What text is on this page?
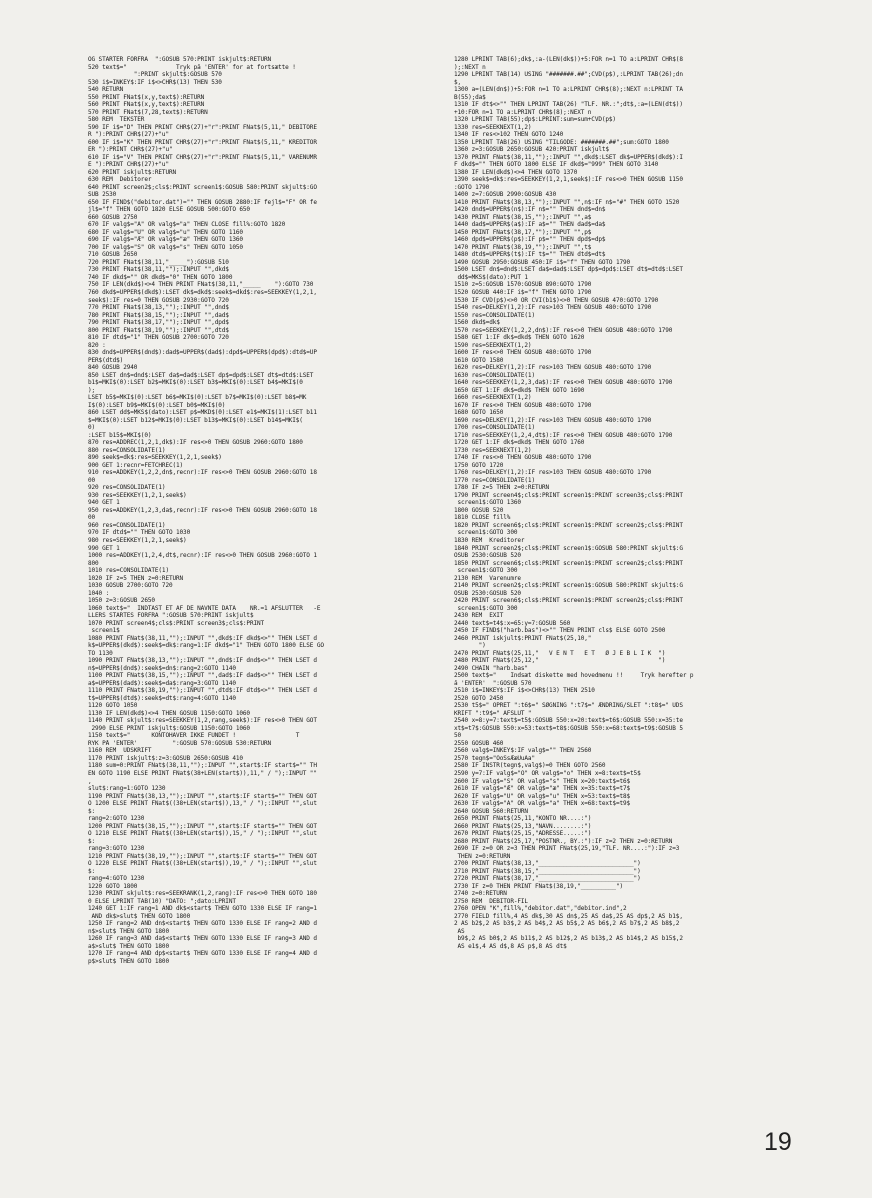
OG STARTER FORFRA  ":GOSUB 570:PRINT iskjult$:RETURN
520 text$="              Tryk på 'ENTER' for at fortsætte !
":PRINT skjult$:GOSUB 570
530 i$=INKEY$:IF i$<>CHR$(13) THEN 530
540 RETURN
550 PRINT FNat$(x,y,text$):RETURN
560 PRINT FNat$(x,y,text$):RETURN
570 PRINT FNat$(7,28,text$):RETURN
580 REM  TEKSTER
590 IF i$="D" THEN PRINT CHR$(27)+"r":PRINT FNat$(5,11," DEBITORE
R "):PRINT CHR$(27)+"u"
600 IF i$="K" THEN PRINT CHR$(27)+"r":PRINT FNat$(5,11," KREDITOR
ER "):PRINT CHR$(27)+"u"
610 IF i$="V" THEN PRINT CHR$(27)+"r":PRINT FNat$(5,11," VARENUMR
E "):PRINT CHR$(27)+"u"
620 PRINT iskjult$:RETURN
630 REM  Debitorer
640 PRINT screen2$;cls$:PRINT screen1$:GOSUB 580:PRINT skjult$:GO
SUB 2530
650 IF FIND$("debitor.dat")="" THEN GOSUB 2880:IF fejl$="F" OR fe
jl$="f" THEN GOTO 1820 ELSE GOSUB 500:GOTO 650
660 GOSUB 2750
670 IF valg$="A" OR valg$="a" THEN CLOSE fill%:GOTO 1820
680 IF valg$="U" OR valg$="u" THEN GOTO 1160
690 IF valg$="Æ" OR valg$="æ" THEN GOTO 1360
700 IF valg$="S" OR valg$="s" THEN GOTO 1050
710 GOSUB 2650
720 PRINT FNat$(38,11,"_____"):GOSUB 510
730 PRINT FNat$(38,11,"");:INPUT "",dkd$
740 IF dkd$="" OR dkd$="0" THEN GOTO 1800
750 IF LEN(dkd$)<>4 THEN PRINT FNat$(38,11,"_____    "):GOTO 730
760 dkd$=UPPER$(dkd$):LSET dk$=dkd$:seek$=dkd$:res=SEEKKEY(1,2,1,
seek$):IF res=0 THEN GOSUB 2930:GOTO 720
770 PRINT FNat$(38,13,"");:INPUT "",dnd$
780 PRINT FNat$(38,15,"");:INPUT "",dad$
790 PRINT FNat$(38,17,"");:INPUT "",dpd$
800 PRINT FNat$(38,19,"");:INPUT "",dtd$
810 IF dtd$="1" THEN GOSUB 2700:GOTO 720
820 :
830 dnd$=UPPER$(dnd$):dad$=UPPER$(dad$):dpd$=UPPER$(dpd$):dtd$=UP
PER$(dtd$)
840 GOSUB 2940
850 LSET dn$=dnd$:LSET da$=dad$:LSET dp$=dpd$:LSET dt$=dtd$:LSET
b1$=MKI$(0):LSET b2$=MKI$(0):LSET b3$=MKI$(0):LSET b4$=MKI$(0
);
LSET b5$=MKI$(0):LSET b6$=MKI$(0):LSET b7$=MKI$(0):LSET b8$=MK
I$(0):LSET b9$=MKI$(0):LSET b0$=MKI$(0)
860 LSET dd$=MKS$(dato):LSET p$=MKD$(0):LSET e1$=MKI$(1):LSET b11
$=MKI$(0):LSET b12$=MKI$(0):LSET b13$=MKI$(0):LSET b14$=MKI$(
0)
:LSET b15$=MKI$(0)
870 res=ADDREC(1,2,1,dk$):IF res<>0 THEN GOSUB 2960:GOTO 1800
880 res=CONSOLIDATE(1)
890 seek$=dk$:res=SEEKKEY(1,2,1,seek$)
900 GET 1:recnr=FETCHREC(1)
910 res=ADDKEY(1,2,2,dn$,recnr):IF res<>0 THEN GOSUB 2960:GOTO 18
00
920 res=CONSOLIDATE(1)
930 res=SEEKKEY(1,2,1,seek$)
940 GET 1
950 res=ADDKEY(1,2,3,da$,recnr):IF res<>0 THEN GOSUB 2960:GOTO 18
00
960 res=CONSOLIDATE(1)
970 IF dtd$="" THEN GOTO 1030
980 res=SEEKKEY(1,2,1,seek$)
990 GET 1
1000 res=ADDKEY(1,2,4,dt$,recnr):IF res<>0 THEN GOSUB 2960:GOTO 1
800
1010 res=CONSOLIDATE(1)
1020 IF z=5 THEN z=0:RETURN
1030 GOSUB 2700:GOTO 720
1040 :
1050 z=3:GOSUB 2650
1060 text$="  INDTAST ET AF DE NAVNTE DATA    NR.=1 AFSLUTTER   -E
LLERS STARTES FORFRA ":GOSUB 570:PRINT iskjult$
1070 PRINT screen4$;cls$:PRINT screen3$;cls$:PRINT
screen1$
1080 PRINT FNat$(38,11,"");:INPUT "",dkd$:IF dkd$<>"" THEN LSET d
k$=UPPER$(dkd$):seek$=dk$:rang=1:IF dkd$="1" THEN GOTO 1800 ELSE GO
TO 1130
1090 PRINT FNat$(38,13,"");:INPUT "",dnd$:IF dnd$<>"" THEN LSET d
n$=UPPER$(dnd$):seek$=dn$:rang=2:GOTO 1140
1100 PRINT FNat$(38,15,"");:INPUT "",dad$:IF dad$<>"" THEN LSET d
a$=UPPER$(dad$):seek$=da$:rang=3:GOTO 1140
1110 PRINT FNat$(38,19,"");:INPUT "",dtd$:IF dtd$<>"" THEN LSET d
t$=UPPER$(dtd$):seek$=dt$:rang=4:GOTO 1140
1120 GOTO 1050
1130 IF LEN(dkd$)<>4 THEN GOSUB 1150:GOTO 1060
1140 PRINT skjult$:res=SEEKKEY(1,2,rang,seek$):IF res<>0 THEN GOT
2990 ELSE PRINT iskjult$:GOSUB 1150:GOTO 1060
1150 text$="      KONTOHAVER IKKE FUNDET !                 T
RYK PÅ 'ENTER'          ":GOSUB 570:GOSUB 530:RETURN
1160 REM  UDSKRIFT
1170 PRINT iskjult$:z=3:GOSUB 2650:GOSUB 410
1180 sum=0:PRINT FNat$(38,11,"");:INPUT "",start$:IF start$="" TH
EN GOTO 1190 ELSE PRINT FNat$(38+LEN(start$)),11," / ");:INPUT ""
,
slut$:rang=1:GOTO 1230
1190 PRINT FNat$(38,13,"");:INPUT "",start$:IF start$="" THEN GOT
O 1200 ELSE PRINT FNat$((38+LEN(start$)),13," / ");:INPUT "",slut
$:
rang=2:GOTO 1230
1200 PRINT FNat$(38,15,"");:INPUT "",start$:IF start$="" THEN GOT
O 1210 ELSE PRINT FNat$((38+LEN(start$)),15," / ");:INPUT "",slut
$:
rang=3:GOTO 1230
1210 PRINT FNat$(38,19,"");:INPUT "",start$:IF start$="" THEN GOT
O 1220 ELSE PRINT FNat$((38+LEN(start$)),19," / ");:INPUT "",slut
$:
rang=4:GOTO 1230
1220 GOTO 1800
1230 PRINT skjult$:res=SEEKRANK(1,2,rang):IF res<>0 THEN GOTO 180
0 ELSE LPRINT TAB(10) "DATO: ";dato:LPRINT
1240 GET 1:IF rang=1 AND dk$<start$ THEN GOTO 1330 ELSE IF rang=1
AND dk$>slut$ THEN GOTO 1800
1250 IF rang=2 AND dn$<start$ THEN GOTO 1330 ELSE IF rang=2 AND d
n$>slut$ THEN GOTO 1800
1260 IF rang=3 AND da$<start$ THEN GOTO 1330 ELSE IF rang=3 AND d
a$>slut$ THEN GOTO 1800
1270 IF rang=4 AND dp$<start$ THEN GOTO 1330 ELSE IF rang=4 AND d
p$>slut$ THEN GOTO 1800
1280 LPRINT TAB(6);dk$,:a-(LEN(dk$))+5:FOR n=1 TO a:LPRINT CHR$(8
);:NEXT n
1290 LPRINT TAB(14) USING "#######.##";CVD(p$),:LPRINT TAB(26);dn
$,
1300 a=(LEN(dn$))+5:FOR n=1 TO a:LPRINT CHR$(8);:NEXT n:LPRINT TA
B(55);da$
1310 IF dt$<>"" THEN LPRINT TAB(26) "TLF. NR.:";dt$,:a=(LEN(dt$))
+10:FOR n=1 TO a:LPRINT CHR$(8);:NEXT n
1320 LPRINT TAB(55);dp$:LPRINT:sum=sum+CVD(p$)
1330 res=SEEKNEXT(1,2)
1340 IF res<>102 THEN GOTO 1240
1350 LPRINT TAB(26) USING "TILGODE: #######.##";sum:GOTO 1800
1360 z=3:GOSUB 2650:GOSUB 420:PRINT iskjult$
1370 PRINT FNat$(38,11,"");:INPUT "",dkd$:LSET dk$=UPPER$(dkd$):I
F dkd$="" THEN GOTO 1800 ELSE IF dkd$="999" THEN GOTO 3140
1380 IF LEN(dkd$)<>4 THEN GOTO 1370
1390 seek$=dk$:res=SEEKKEY(1,2,1,seek$):IF res<>0 THEN GOSUB 1150
:GOTO 1790
1400 z=7:GOSUB 2990:GOSUB 430
1410 PRINT FNat$(38,13,"");:INPUT "",n$:IF n$="#" THEN GOTO 1520
1420 dnd$=UPPER$(n$):IF n$="" THEN dnd$=dn$
1430 PRINT FNat$(38,15,"");:INPUT "",a$
1440 dad$=UPPER$(a$):IF a$="" THEN dad$=da$
1450 PRINT FNat$(38,17,"");:INPUT "",p$
1460 dpd$=UPPER$(p$):IF p$="" THEN dpd$=dp$
1470 PRINT FNat$(38,19,"");:INPUT "",t$
1480 dtd$=UPPER$(t$):IF t$="" THEN dtd$=dt$
1490 GOSUB 2950:GOSUB 450:IF i$="f" THEN GOTO 1790
1500 LSET dn$=dnd$:LSET da$=dad$:LSET dp$=dpd$:LSET dt$=dtd$:LSET
dd$=MKS$(dato):PUT 1
1510 z=5:GOSUB 1570:GOSUB 890:GOTO 1790
1520 GOSUB 440:IF i$="f" THEN GOTO 1790
1530 IF CVD(p$)<>0 OR CVI(b1$)<>0 THEN GOSUB 470:GOTO 1790
1540 res=DELKEY(1,2):IF res>103 THEN GOSUB 480:GOTO 1790
1550 res=CONSOLIDATE(1)
1560 dkd$=dk$
1570 res=SEEKKEY(1,2,2,dn$):IF res<>0 THEN GOSUB 480:GOTO 1790
1580 GET 1:IF dk$=dkd$ THEN GOTO 1620
1590 res=SEEKNEXT(1,2)
1600 IF res<>0 THEN GOSUB 480:GOTO 1790
1610 GOTO 1580
1620 res=DELKEY(1,2):IF res>103 THEN GOSUB 480:GOTO 1790
1630 res=CONSOLIDATE(1)
1640 res=SEEKKEY(1,2,3,da$):IF res<>0 THEN GOSUB 480:GOTO 1790
1650 GET 1:IF dk$=dkd$ THEN GOTO 1690
1660 res=SEEKNEXT(1,2)
1670 IF res<>0 THEN GOSUB 480:GOTO 1790
1680 GOTO 1650
1690 res=DELKEY(1,2):IF res>103 THEN GOSUB 480:GOTO 1790
1700 res=CONSOLIDATE(1)
1710 res=SEEKKEY(1,2,4,dt$):IF res<>0 THEN GOSUB 480:GOTO 1790
1720 GET 1:IF dk$=dkd$ THEN GOTO 1760
1730 res=SEEKNEXT(1,2)
1740 IF res<>0 THEN GOSUB 480:GOTO 1790
1750 GOTO 1720
1760 res=DELKEY(1,2):IF res>103 THEN GOSUB 480:GOTO 1790
1770 res=CONSOLIDATE(1)
1780 IF z=5 THEN z=0:RETURN
1790 PRINT screen4$;cls$:PRINT screen1$:PRINT screen3$;cls$:PRINT
screen1$:GOTO 1360
1800 GOSUB 520
1810 CLOSE fill%
1820 PRINT screen6$;cls$:PRINT screen1$:PRINT screen2$;cls$:PRINT
screen1$:GOTO 300
1830 REM  Kreditorer
1840 PRINT screen2$;cls$:PRINT screen1$:GOSUB 580:PRINT skjult$:G
OSUB 2530:GOSUB 520
1850 PRINT screen6$;cls$:PRINT screen1$:PRINT screen2$;cls$:PRINT
screen1$:GOTO 300
2130 REM  Varenumre
2140 PRINT screen2$;cls$:PRINT screen1$:GOSUB 580:PRINT skjult$:G
OSUB 2530:GOSUB 520
2420 PRINT screen6$;cls$:PRINT screen1$:PRINT screen2$;cls$:PRINT
screen1$:GOTO 300
2430 REM  EXIT
2440 text$=t4$:x=65:y=7:GOSUB 560
2450 IF FIND$("harb.bas")<>"" THEN PRINT cls$ ELSE GOTO 2500
2460 PRINT iskjult$:PRINT FNat$(25,10,"
")
2470 PRINT FNat$(25,11,"   V E N T   E T   Ø J E B L I K  ")
2480 PRINT FNat$(25,12,"                                  ")
2490 CHAIN "harb.bas"
2500 text$="    Indsæt diskette med hovedmenu !!     Tryk herefter p
å 'ENTER'  ":GOSUB 570
2510 i$=INKEY$:IF i$<>CHR$(13) THEN 2510
2520 GOTO 2450
2530 t5$=" OPRET ":t6$=" SØGNING ":t7$=" ÆNDRING/SLET ":t8$=" UDS
KRIFT ":t9$=" AFSLUT "
2540 x=8:y=7:text$=t5$:GOSUB 550:x=20:text$=t6$:GOSUB 550:x=35:te
xt$=t7$:GOSUB 550:x=53:text$=t8$:GOSUB 550:x=68:text$=t9$:GOSUB 5
50
2550 GOSUB 460
2560 valg$=INKEY$:IF valg$="" THEN 2560
2570 tegn$="OoSsÆæUuAa"
2580 IF INSTR(tegn$,valg$)=0 THEN GOTO 2560
2590 y=7:IF valg$="O" OR valg$="o" THEN x=8:text$=t5$
2600 IF valg$="S" OR valg$="s" THEN x=20:text$=t6$
2610 IF valg$="Æ" OR valg$="æ" THEN x=35:text$=t7$
2620 IF valg$="U" OR valg$="u" THEN x=53:text$=t8$
2630 IF valg$="A" OR valg$="a" THEN x=68:text$=t9$
2640 GOSUB 560:RETURN
2650 PRINT FNat$(25,11,"KONTO NR....:")
2660 PRINT FNat$(25,13,"NAVN........:")
2670 PRINT FNat$(25,15,"ADRESSE.....:")
2680 PRINT FNat$(25,17,"POSTNR., BY.:"):IF z=2 THEN z=0:RETURN
2690 IF z=0 OR z=3 THEN PRINT FNat$(25,19,"TLF. NR....:"):IF z=3
THEN z=0:RETURN
2700 PRINT FNat$(38,13,"___________________________")
2710 PRINT FNat$(38,15,"___________________________")
2720 PRINT FNat$(38,17,"___________________________")
2730 IF z=0 THEN PRINT FNat$(38,19,"__________")
2740 z=0:RETURN
2750 REM  DEBITOR-FIL
2760 OPEN "K",fill%,"debitor.dat","debitor.ind",2
2770 FIELD fill%,4 AS dk$,30 AS dn$,25 AS da$,25 AS dp$,2 AS b1$,
2 AS b2$,2 AS b3$,2 AS b4$,2 AS b5$,2 AS b6$,2 AS b7$,2 AS b8$,2
AS
b9$,2 AS b0$,2 AS b11$,2 AS b12$,2 AS b13$,2 AS b14$,2 AS b15$,2
AS e1$,4 AS d$,8 AS p$,8 AS dt$
19
